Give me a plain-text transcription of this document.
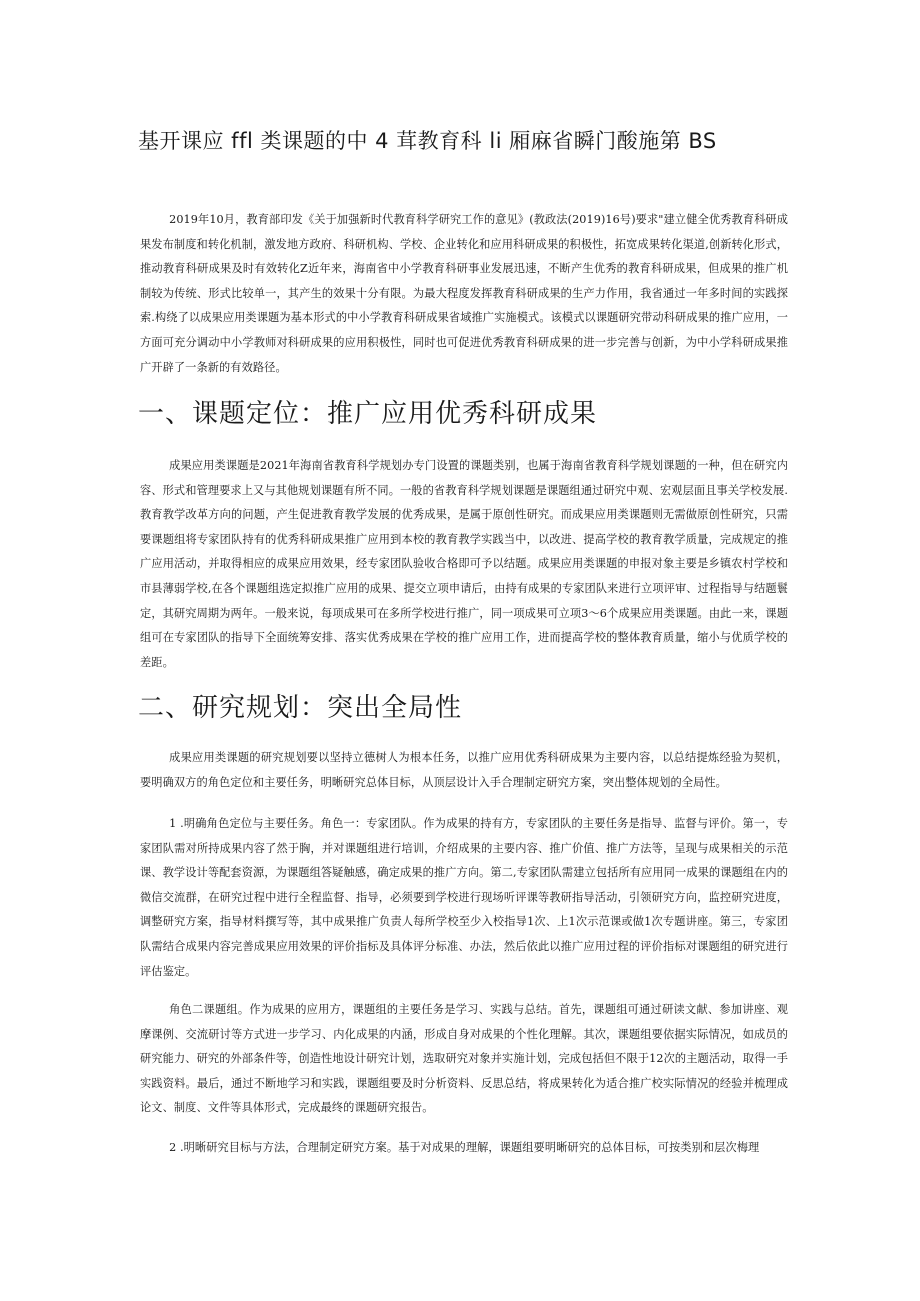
基开课应 ffl 类课题的中 4 茸教育科 li 厢麻省瞬门酸施第 BS

2019年10月，教育部印发《关于加强新时代教育科学研究工作的意见》(教政法(2019)16号)要求"建立健全优秀教育科研成果发布制度和转化机制，激发地方政府、科研机构、学校、企业转化和应用科研成果的积极性，拓宽成果转化渠道,创新转化形式，推动教育科研成果及时有效转化Z近年来，海南省中小学教育科研事业发展迅速，不断产生优秀的教育科研成果，但成果的推广机制较为传统、形式比较单一，其产生的效果十分有限。为最大程度发挥教育科研成果的生产力作用，我省通过一年多时间的实践探索.构绕了以成果应用类课题为基本形式的中小学教育科研成果省域推广实施模式。该模式以课题研究带动科研成果的推广应用，一方面可充分调动中小学教师对科研成果的应用积极性，同时也可促进优秀教育科研成果的进一步完善与创新，为中小学科研成果推广开辟了一条新的有效路径。

一、课题定位：推广应用优秀科研成果

成果应用类课题是2021年海南省教育科学规划办专门设置的课题类别，也属于海南省教育科学规划课题的一种，但在研究内容、形式和管理要求上又与其他规划课题有所不同。一般的省教育科学规划课题是课题组通过研究中观、宏观层面且事关学校发展.教育教学改革方向的问题，产生促进教育教学发展的优秀成果，是属于原创性研究。而成果应用类课题则无需做原创性研究，只需要课题组将专家团队持有的优秀科研成果推广应用到本校的教育教学实践当中，以改进、提高学校的教育教学质量，完成规定的推广应用活动，并取得相应的成果应用效果，经专家团队验收合格即可予以结题。成果应用类课题的申报对象主要是乡镇农村学校和市县薄弱学校,在各个课题组选定拟推广应用的成果、提交立项申请后，由持有成果的专家团队来进行立项评审、过程指导与结题鬟定，其研究周期为两年。一般来说，每项成果可在多所学校进行推广，同一项成果可立项3～6个成果应用类课题。由此一来，课题组可在专家团队的指导下全面统筹安排、落实优秀成果在学校的推广应用工作，进而提高学校的整体教育质量，缩小与优质学校的差距。

二、研究规划：突出全局性

成果应用类课题的研究规划要以坚持立德树人为根本任务，以推广应用优秀科研成果为主要内容，以总结提炼经验为契机，要明确双方的角色定位和主要任务，明晰研究总体目标，从顶层设计入手合理制定研究方案，突出整体规划的全局性。

1 .明确角色定位与主要任务。角色一：专家团队。作为成果的持有方，专家团队的主要任务是指导、监督与评价。第一，专家团队需对所持成果内容了然于胸，并对课题组进行培训，介绍成果的主要内容、推广价值、推广方法等，呈现与成果相关的示范课、教学设计等配套资源，为课题组答疑触感，确定成果的推广方向。第二,专家团队需建立包括所有应用同一成果的课题组在内的微信交流群，在研究过程中进行全程监督、指导，必须要到学校进行现场听评课等教研指导活动，引领研究方向，监控研究进度，调整研究方案，指导材料撰写等，其中成果推广负责人每所学校至少入校指导1次、上1次示范课或做1次专题讲座。第三，专家团队需结合成果内容完善成果应用效果的评价指标及具体评分标准、办法，然后依此以推广应用过程的评价指标对课题组的研究进行评估鉴定。

角色二课题组。作为成果的应用方，课题组的主要任务是学习、实践与总结。首先，课题组可通过研读文献、参加讲座、观摩课例、交流研讨等方式进一步学习、内化成果的内涵，形成自身对成果的个性化理解。其次，课题组要依据实际情况，如成员的研究能力、研究的外部条件等，创造性地设计研究计划，选取研究对象并实施计划，完成包括但不限于12次的主题活动，取得一手实践资料。最后，通过不断地学习和实践，课题组要及时分析资料、反思总结，将成果转化为适合推广校实际情况的经验并梳理成论文、制度、文件等具体形式，完成最终的课题研究报告。

2 .明晰研究目标与方法，合理制定研究方案。基于对成果的理解，课题组要明晰研究的总体目标，可按类别和层次梅理
